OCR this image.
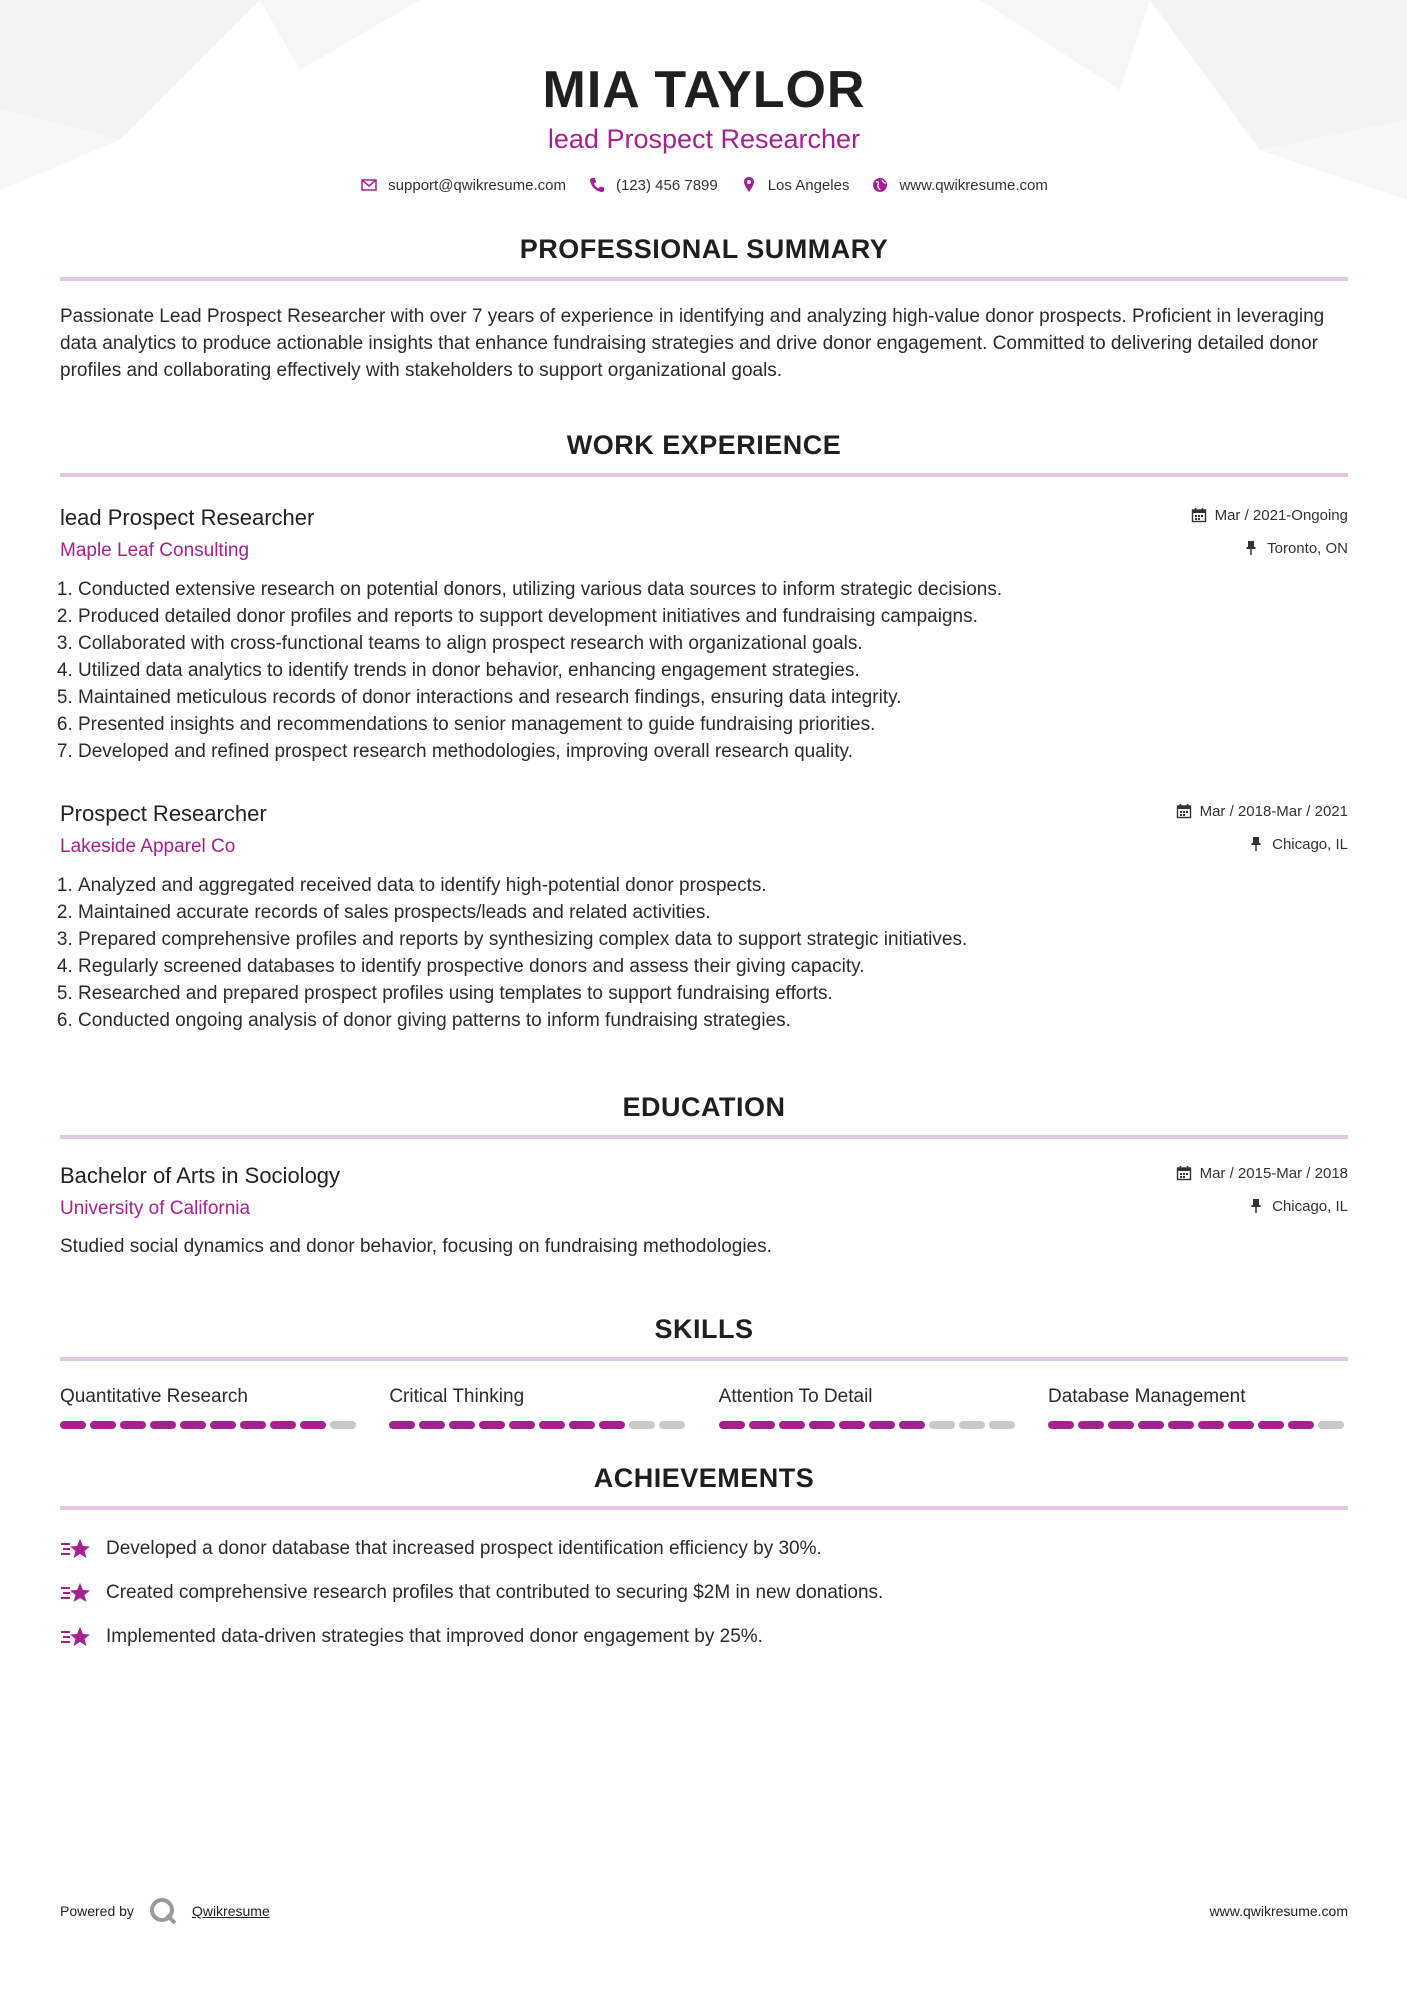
MIA TAYLOR
lead Prospect Researcher
support@qwikresume.com	(123) 456 7899	Los Angeles	www.qwikresume.com
PROFESSIONAL SUMMARY
Passionate Lead Prospect Researcher with over 7 years of experience in identifying and analyzing high-value donor prospects. Proficient in leveraging data analytics to produce actionable insights that enhance fundraising strategies and drive donor engagement. Committed to delivering detailed donor profiles and collaborating effectively with stakeholders to support organizational goals.
WORK EXPERIENCE
lead Prospect Researcher
Maple Leaf Consulting
Mar / 2021-Ongoing
Toronto, ON
1. Conducted extensive research on potential donors, utilizing various data sources to inform strategic decisions.
2. Produced detailed donor profiles and reports to support development initiatives and fundraising campaigns.
3. Collaborated with cross-functional teams to align prospect research with organizational goals.
4. Utilized data analytics to identify trends in donor behavior, enhancing engagement strategies.
5. Maintained meticulous records of donor interactions and research findings, ensuring data integrity.
6. Presented insights and recommendations to senior management to guide fundraising priorities.
7. Developed and refined prospect research methodologies, improving overall research quality.
Prospect Researcher
Lakeside Apparel Co
Mar / 2018-Mar / 2021
Chicago, IL
1. Analyzed and aggregated received data to identify high-potential donor prospects.
2. Maintained accurate records of sales prospects/leads and related activities.
3. Prepared comprehensive profiles and reports by synthesizing complex data to support strategic initiatives.
4. Regularly screened databases to identify prospective donors and assess their giving capacity.
5. Researched and prepared prospect profiles using templates to support fundraising efforts.
6. Conducted ongoing analysis of donor giving patterns to inform fundraising strategies.
EDUCATION
Bachelor of Arts in Sociology
University of California
Mar / 2015-Mar / 2018
Chicago, IL
Studied social dynamics and donor behavior, focusing on fundraising methodologies.
SKILLS
Quantitative Research	Critical Thinking	Attention To Detail	Database Management
ACHIEVEMENTS
Developed a donor database that increased prospect identification efficiency by 30%.
Created comprehensive research profiles that contributed to securing $2M in new donations.
Implemented data-driven strategies that improved donor engagement by 25%.
Powered by	Qwikresume	www.qwikresume.com
